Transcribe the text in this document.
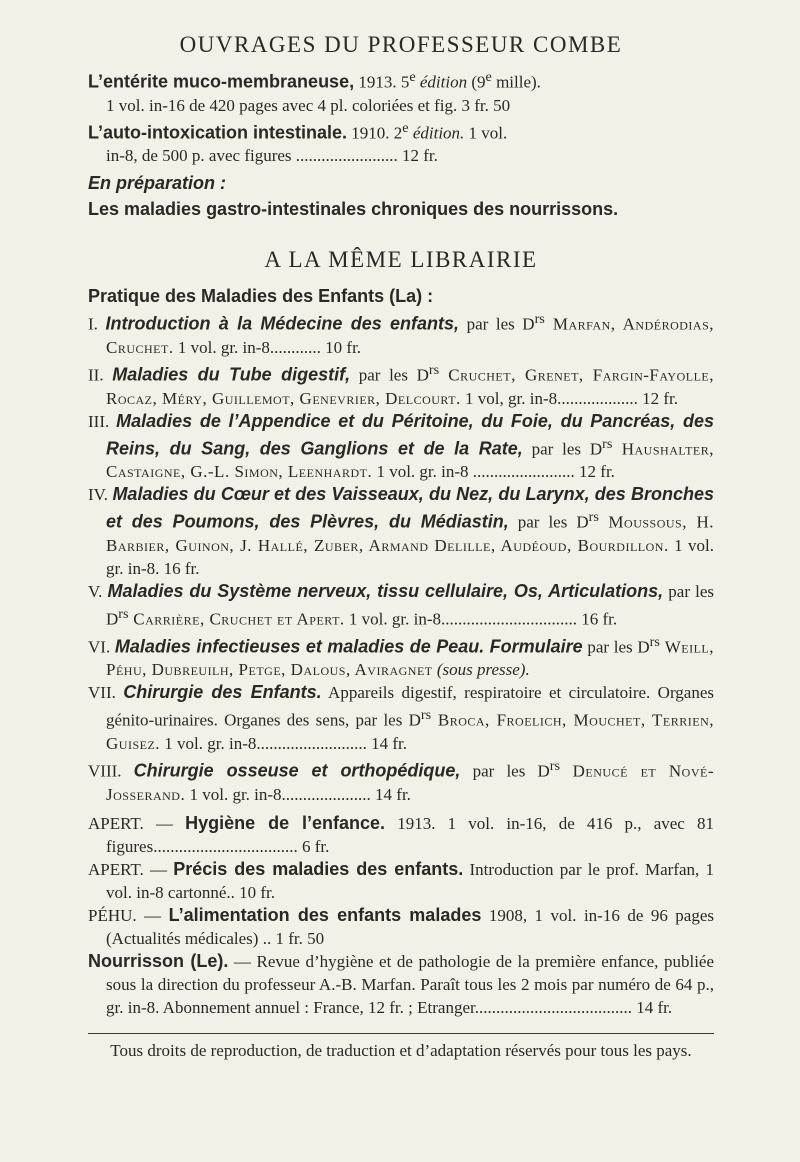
OUVRAGES DU PROFESSEUR COMBE

L’entérite muco-membraneuse, 1913. 5e édition (9e mille).
1 vol. in-16 de 420 pages avec 4 pl. coloriées et fig. 3 fr. 50

L’auto-intoxication intestinale. 1910. 2e édition. 1 vol.
in-8, de 500 p. avec figures ........................ 12 fr.

En préparation :

Les maladies gastro-intestinales chroniques des nourrissons.

A LA MÊME LIBRAIRIE

Pratique des Maladies des Enfants (La) :

I. Introduction à la Médecine des enfants, par les $D^{rs}$ Marfan, Andérodias, Cruchet. 1 vol. gr. in-8............ 10 fr.

II. Maladies du Tube digestif, par les $D^{rs}$ Cruchet, Grenet, Fargin-Fayolle, Rocaz, Méry, Guillemot, Genevrier, Delcourt. 1 vol, gr. in-8................... 12 fr.

III. Maladies de l’Appendice et du Péritoine, du Foie, du Pancréas, des Reins, du Sang, des Ganglions et de la Rate, par les $D^{rs}$ Haushalter, Castaigne, G.-L. Simon, Leenhardt. 1 vol. gr. in-8 ........................ 12 fr.

IV. Maladies du Cœur et des Vaisseaux, du Nez, du Larynx, des Bronches et des Poumons, des Plèvres, du Médiastin, par les $D^{rs}$ Moussous, H. Barbier, Guinon, J. Hallé, Zuber, Armand Delille, Audéoud, Bourdillon. 1 vol. gr. in-8. 16 fr.

V. Maladies du Système nerveux, tissu cellulaire, Os, Articulations, par les $D^{rs}$ Carrière, Cruchet et Apert. 1 vol. gr. in-8................................ 16 fr.

VI. Maladies infectieuses et maladies de Peau. Formulaire par les $D^{rs}$ Weill, Péhu, Dubreuilh, Petge, Dalous, Aviragnet (sous presse).

VII. Chirurgie des Enfants. Appareils digestif, respiratoire et circulatoire. Organes génito-urinaires. Organes des sens, par les $D^{rs}$ Broca, Froelich, Mouchet, Terrien, Guisez. 1 vol. gr. in-8.......................... 14 fr.

VIII. Chirurgie osseuse et orthopédique, par les $D^{rs}$ Denucé et Nové-Josserand. 1 vol. gr. in-8..................... 14 fr.

APERT. — Hygiène de l’enfance. 1913. 1 vol. in-16, de 416 p., avec 81 figures.................................. 6 fr.

APERT. — Précis des maladies des enfants. Introduction par le prof. Marfan, 1 vol. in-8 cartonné.. 10 fr.

PÉHU. — L’alimentation des enfants malades 1908, 1 vol. in-16 de 96 pages (Actualités médicales) .. 1 fr. 50

Nourrisson (Le). — Revue d’hygiène et de pathologie de la première enfance, publiée sous la direction du professeur A.-B. Marfan. Paraît tous les 2 mois par numéro de 64 p., gr. in-8. Abonnement annuel : France, 12 fr. ; Etranger..................................... 14 fr.

Tous droits de reproduction, de traduction et d’adaptation réservés pour tous les pays.
